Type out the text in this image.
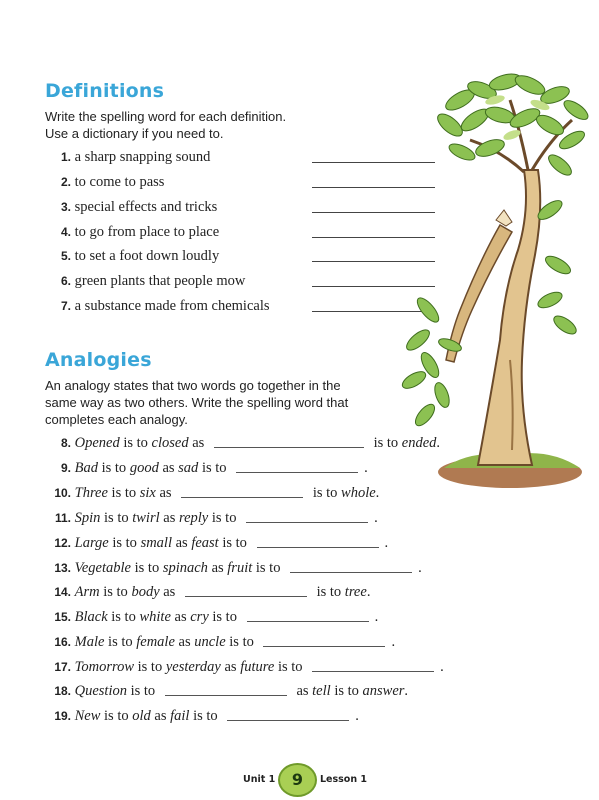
Definitions
Write the spelling word for each definition.
Use a dictionary if you need to.
1. a sharp snapping sound
2. to come to pass
3. special effects and tricks
4. to go from place to place
5. to set a foot down loudly
6. green plants that people mow
7. a substance made from chemicals
Analogies
An analogy states that two words go together in the
same way as two others. Write the spelling word that
completes each analogy.
8. Opened is to closed as	is to ended.
9. Bad is to good as sad is to	.
10. Three is to six as	is to whole.
11. Spin is to twirl as reply is to	.
12. Large is to small as feast is to	.
13. Vegetable is to spinach as fruit is to	.
14. Arm is to body as	is to tree.
15. Black is to white as cry is to	.
16. Male is to female as uncle is to	.
17. Tomorrow is to yesterday as future is to	.
18. Question is to	as tell is to answer.
19. New is to old as fail is to	.
Unit 1	9	Lesson 1
